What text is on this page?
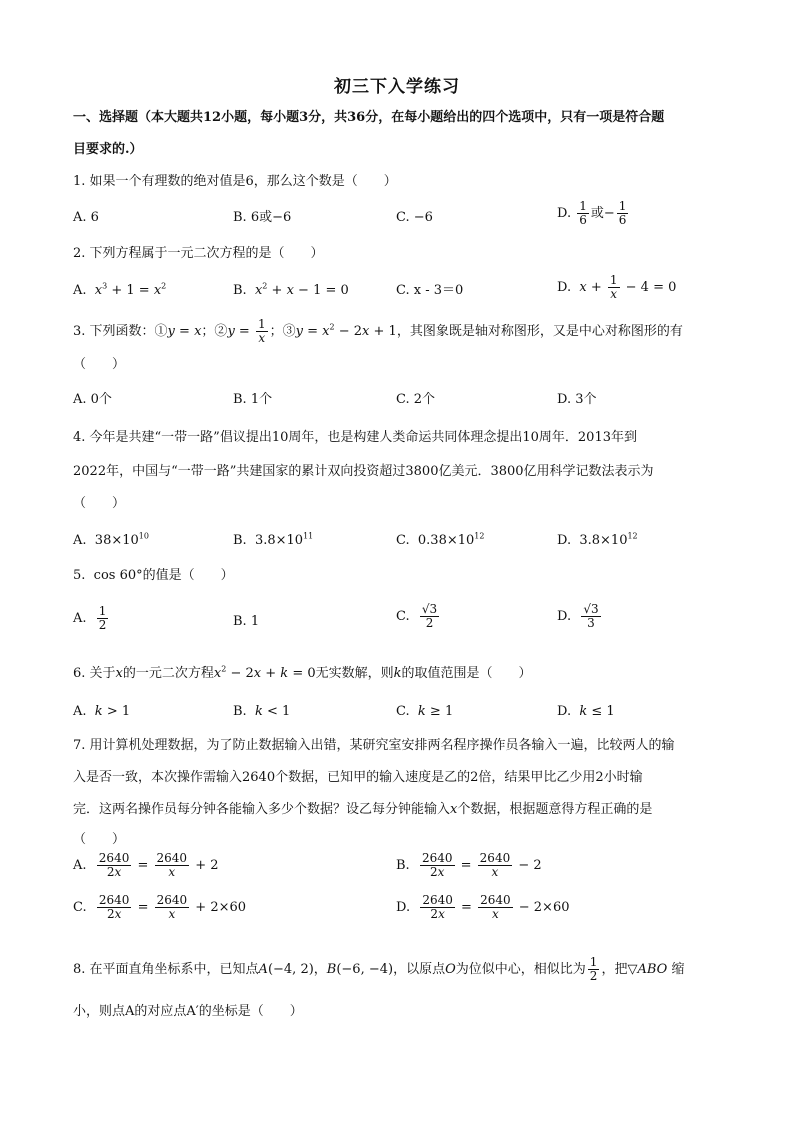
初三下入学练习
一、选择题（本大题共12小题，每小题3分，共36分，在每小题给出的四个选项中，只有一项是符合题
目要求的.）
1. 如果一个有理数的绝对值是6，那么这个数是（　　）
A. 6	B. 6或−6	C. −6	D. $\frac{1}{6}$ 或− $\frac{1}{6}$
2. 下列方程属于一元二次方程的是（　　）
A. $x^3 + 1 = x^2$	B. $x^2 + x - 1 = 0$	C. x - 3＝0	D. $x + \frac{1}{x} - 4 = 0$
3. 下列函数：①y = x；②y = $\frac{1}{x}$ ；③y = $x^2 - 2x + 1$，其图象既是轴对称图形，又是中心对称图形的有
（　　）
A. 0个	B. 1个	C. 2个	D. 3个
4. 今年是共建“一带一路”倡议提出10周年，也是构建人类命运共同体理念提出10周年．2013年到
2022年，中国与“一带一路”共建国家的累计双向投资超过3800亿美元．3800亿用科学记数法表示为
（　　）
A.  $38\times 10^{10}$	B.  $3.8\times 10^{11}$	C.  $0.38\times 10^{12}$	D.  $3.8\times 10^{12}$
5.  cos 60°的值是（　　）
A. $\frac{1}{2}$	B. 1	C. $\frac{√3}{2}$	D. $\frac{√3}{3}$
6. 关于x的一元二次方程$x^2 - 2x + k = 0$无实数解，则k的取值范围是（　　）
A. k > 1	B. k < 1	C. k ≥ 1	D. k ≤ 1
7. 用计算机处理数据，为了防止数据输入出错，某研究室安排两名程序操作员各输入一遍，比较两人的输
入是否一致，本次操作需输入2640个数据，已知甲的输入速度是乙的2倍，结果甲比乙少用2小时输
完．这两名操作员每分钟各能输入多少个数据？设乙每分钟能输入x个数据，根据题意得方程正确的是
（　　）
A. $\frac{2640}{2x} = \frac{2640}{x} + 2$	B. $\frac{2640}{2x} = \frac{2640}{x} - 2$
C. $\frac{2640}{2x} = \frac{2640}{x} + 2\times 60$	D. $\frac{2640}{2x} = \frac{2640}{x} - 2\times 60$
8. 在平面直角坐标系中，已知点A(−4, 2)，B(−6, −4)，以原点O为位似中心，相似比为 $\frac{1}{2}$ ，把▽ABO 缩
小，则点A的对应点A′的坐标是（　　）
